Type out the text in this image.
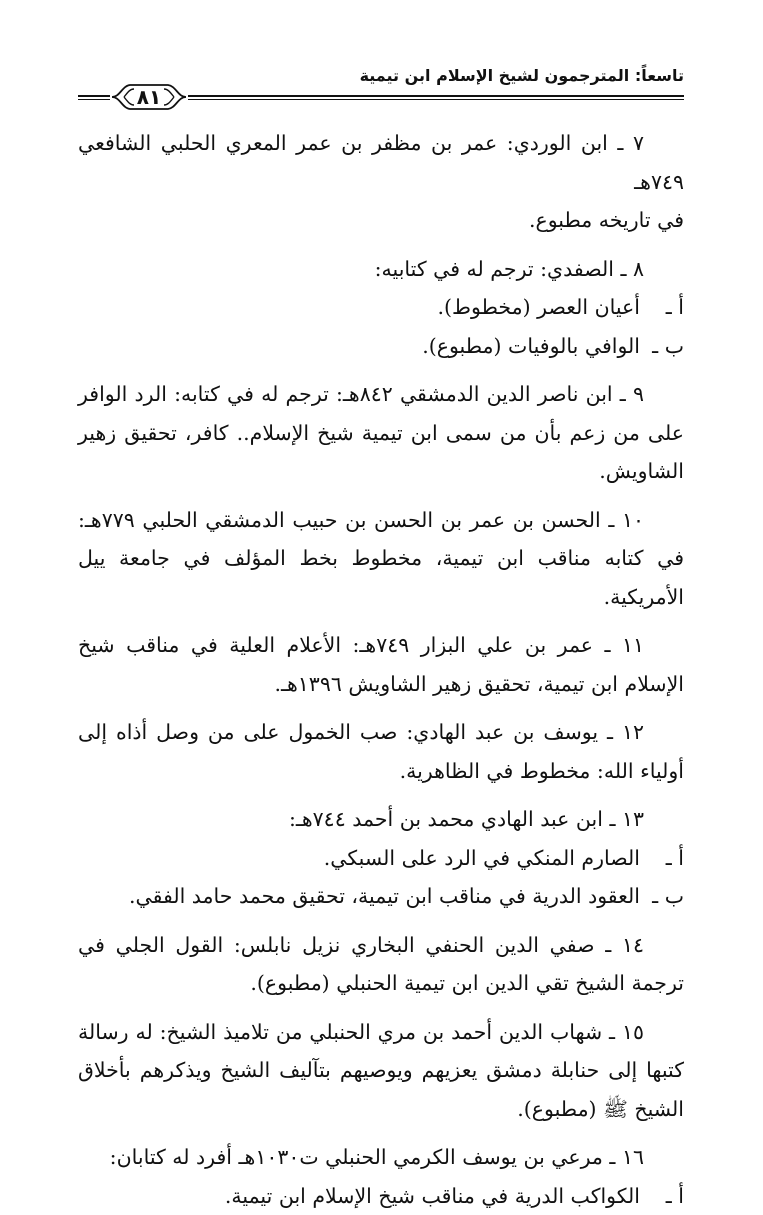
تاسعاً: المترجمون لشيخ الإسلام ابن تيمية
٨١

٧ ـ ابن الوردي: عمر بن مظفر بن عمر المعري الحلبي الشافعي ٧٤٩هـ

في تاريخه مطبوع.

٨ ـ الصفدي: ترجم له في كتابيه:

أ ـ
أعيان العصر (مخطوط).
ب ـ
الوافي بالوفيات (مطبوع).

٩ ـ ابن ناصر الدين الدمشقي ٨٤٢هـ: ترجم له في كتابه: الرد الوافر على من زعم بأن من سمى ابن تيمية شيخ الإسلام.. كافر، تحقيق زهير الشاويش.

١٠ ـ الحسن بن عمر بن الحسن بن حبيب الدمشقي الحلبي ٧٧٩هـ: في كتابه مناقب ابن تيمية، مخطوط بخط المؤلف في جامعة ييل الأمريكية.

١١ ـ عمر بن علي البزار ٧٤٩هـ: الأعلام العلية في مناقب شيخ الإسلام ابن تيمية، تحقيق زهير الشاويش ١٣٩٦هـ.

١٢ ـ يوسف بن عبد الهادي: صب الخمول على من وصل أذاه إلى أولياء الله: مخطوط في الظاهرية.

١٣ ـ ابن عبد الهادي محمد بن أحمد ٧٤٤هـ:

أ ـ
الصارم المنكي في الرد على السبكي.
ب ـ
العقود الدرية في مناقب ابن تيمية، تحقيق محمد حامد الفقي.

١٤ ـ صفي الدين الحنفي البخاري نزيل نابلس: القول الجلي في ترجمة الشيخ تقي الدين ابن تيمية الحنبلي (مطبوع).

١٥ ـ شهاب الدين أحمد بن مري الحنبلي من تلاميذ الشيخ: له رسالة كتبها إلى حنابلة دمشق يعزيهم ويوصيهم بتآليف الشيخ ويذكرهم بأخلاق الشيخ ﷺ (مطبوع).

١٦ ـ مرعي بن يوسف الكرمي الحنبلي ت١٠٣٠هـ أفرد له كتابان:

أ ـ
الكواكب الدرية في مناقب شيخ الإسلام ابن تيمية.
